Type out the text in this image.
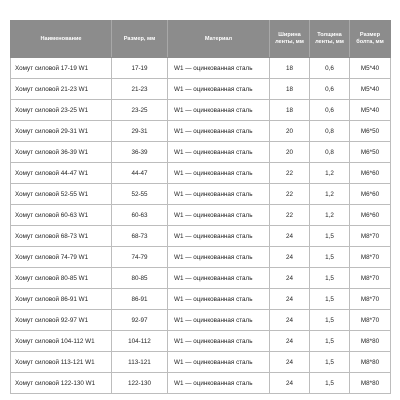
Наименование	Размер, мм	Материал	Ширина ленты, мм	Толщина ленты, мм	Размер болта, мм
Хомут силовой 17-19 W1	17-19	W1 — оцинкованная сталь	18	0,6	M5*40
Хомут силовой 21-23 W1	21-23	W1 — оцинкованная сталь	18	0,6	M5*40
Хомут силовой 23-25 W1	23-25	W1 — оцинкованная сталь	18	0,6	M5*40
Хомут силовой 29-31 W1	29-31	W1 — оцинкованная сталь	20	0,8	M6*50
Хомут силовой 36-39 W1	36-39	W1 — оцинкованная сталь	20	0,8	M6*50
Хомут силовой 44-47 W1	44-47	W1 — оцинкованная сталь	22	1,2	M6*60
Хомут силовой 52-55 W1	52-55	W1 — оцинкованная сталь	22	1,2	M6*60
Хомут силовой 60-63 W1	60-63	W1 — оцинкованная сталь	22	1,2	M6*60
Хомут силовой 68-73 W1	68-73	W1 — оцинкованная сталь	24	1,5	M8*70
Хомут силовой 74-79 W1	74-79	W1 — оцинкованная сталь	24	1,5	M8*70
Хомут силовой 80-85 W1	80-85	W1 — оцинкованная сталь	24	1,5	M8*70
Хомут силовой 86-91 W1	86-91	W1 — оцинкованная сталь	24	1,5	M8*70
Хомут силовой 92-97 W1	92-97	W1 — оцинкованная сталь	24	1,5	M8*70
Хомут силовой 104-112 W1	104-112	W1 — оцинкованная сталь	24	1,5	M8*80
Хомут силовой 113-121 W1	113-121	W1 — оцинкованная сталь	24	1,5	M8*80
Хомут силовой 122-130 W1	122-130	W1 — оцинкованная сталь	24	1,5	M8*80
